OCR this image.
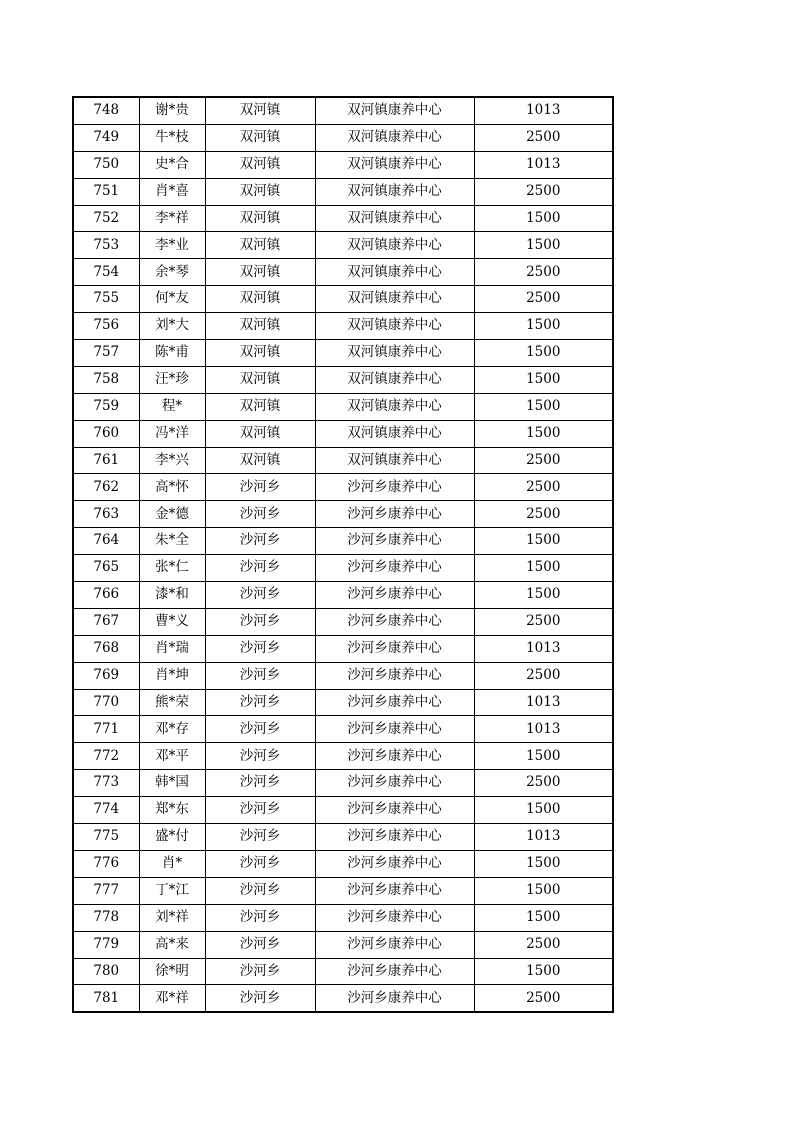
748	谢*贵	双河镇	双河镇康养中心	1013
749	牛*枝	双河镇	双河镇康养中心	2500
750	史*合	双河镇	双河镇康养中心	1013
751	肖*喜	双河镇	双河镇康养中心	2500
752	李*祥	双河镇	双河镇康养中心	1500
753	李*业	双河镇	双河镇康养中心	1500
754	余*琴	双河镇	双河镇康养中心	2500
755	何*友	双河镇	双河镇康养中心	2500
756	刘*大	双河镇	双河镇康养中心	1500
757	陈*甫	双河镇	双河镇康养中心	1500
758	汪*珍	双河镇	双河镇康养中心	1500
759	程*	双河镇	双河镇康养中心	1500
760	冯*洋	双河镇	双河镇康养中心	1500
761	李*兴	双河镇	双河镇康养中心	2500
762	高*怀	沙河乡	沙河乡康养中心	2500
763	金*德	沙河乡	沙河乡康养中心	2500
764	朱*全	沙河乡	沙河乡康养中心	1500
765	张*仁	沙河乡	沙河乡康养中心	1500
766	漆*和	沙河乡	沙河乡康养中心	1500
767	曹*义	沙河乡	沙河乡康养中心	2500
768	肖*瑞	沙河乡	沙河乡康养中心	1013
769	肖*坤	沙河乡	沙河乡康养中心	2500
770	熊*荣	沙河乡	沙河乡康养中心	1013
771	邓*存	沙河乡	沙河乡康养中心	1013
772	邓*平	沙河乡	沙河乡康养中心	1500
773	韩*国	沙河乡	沙河乡康养中心	2500
774	郑*东	沙河乡	沙河乡康养中心	1500
775	盛*付	沙河乡	沙河乡康养中心	1013
776	肖*	沙河乡	沙河乡康养中心	1500
777	丁*江	沙河乡	沙河乡康养中心	1500
778	刘*祥	沙河乡	沙河乡康养中心	1500
779	高*来	沙河乡	沙河乡康养中心	2500
780	徐*明	沙河乡	沙河乡康养中心	1500
781	邓*祥	沙河乡	沙河乡康养中心	2500
